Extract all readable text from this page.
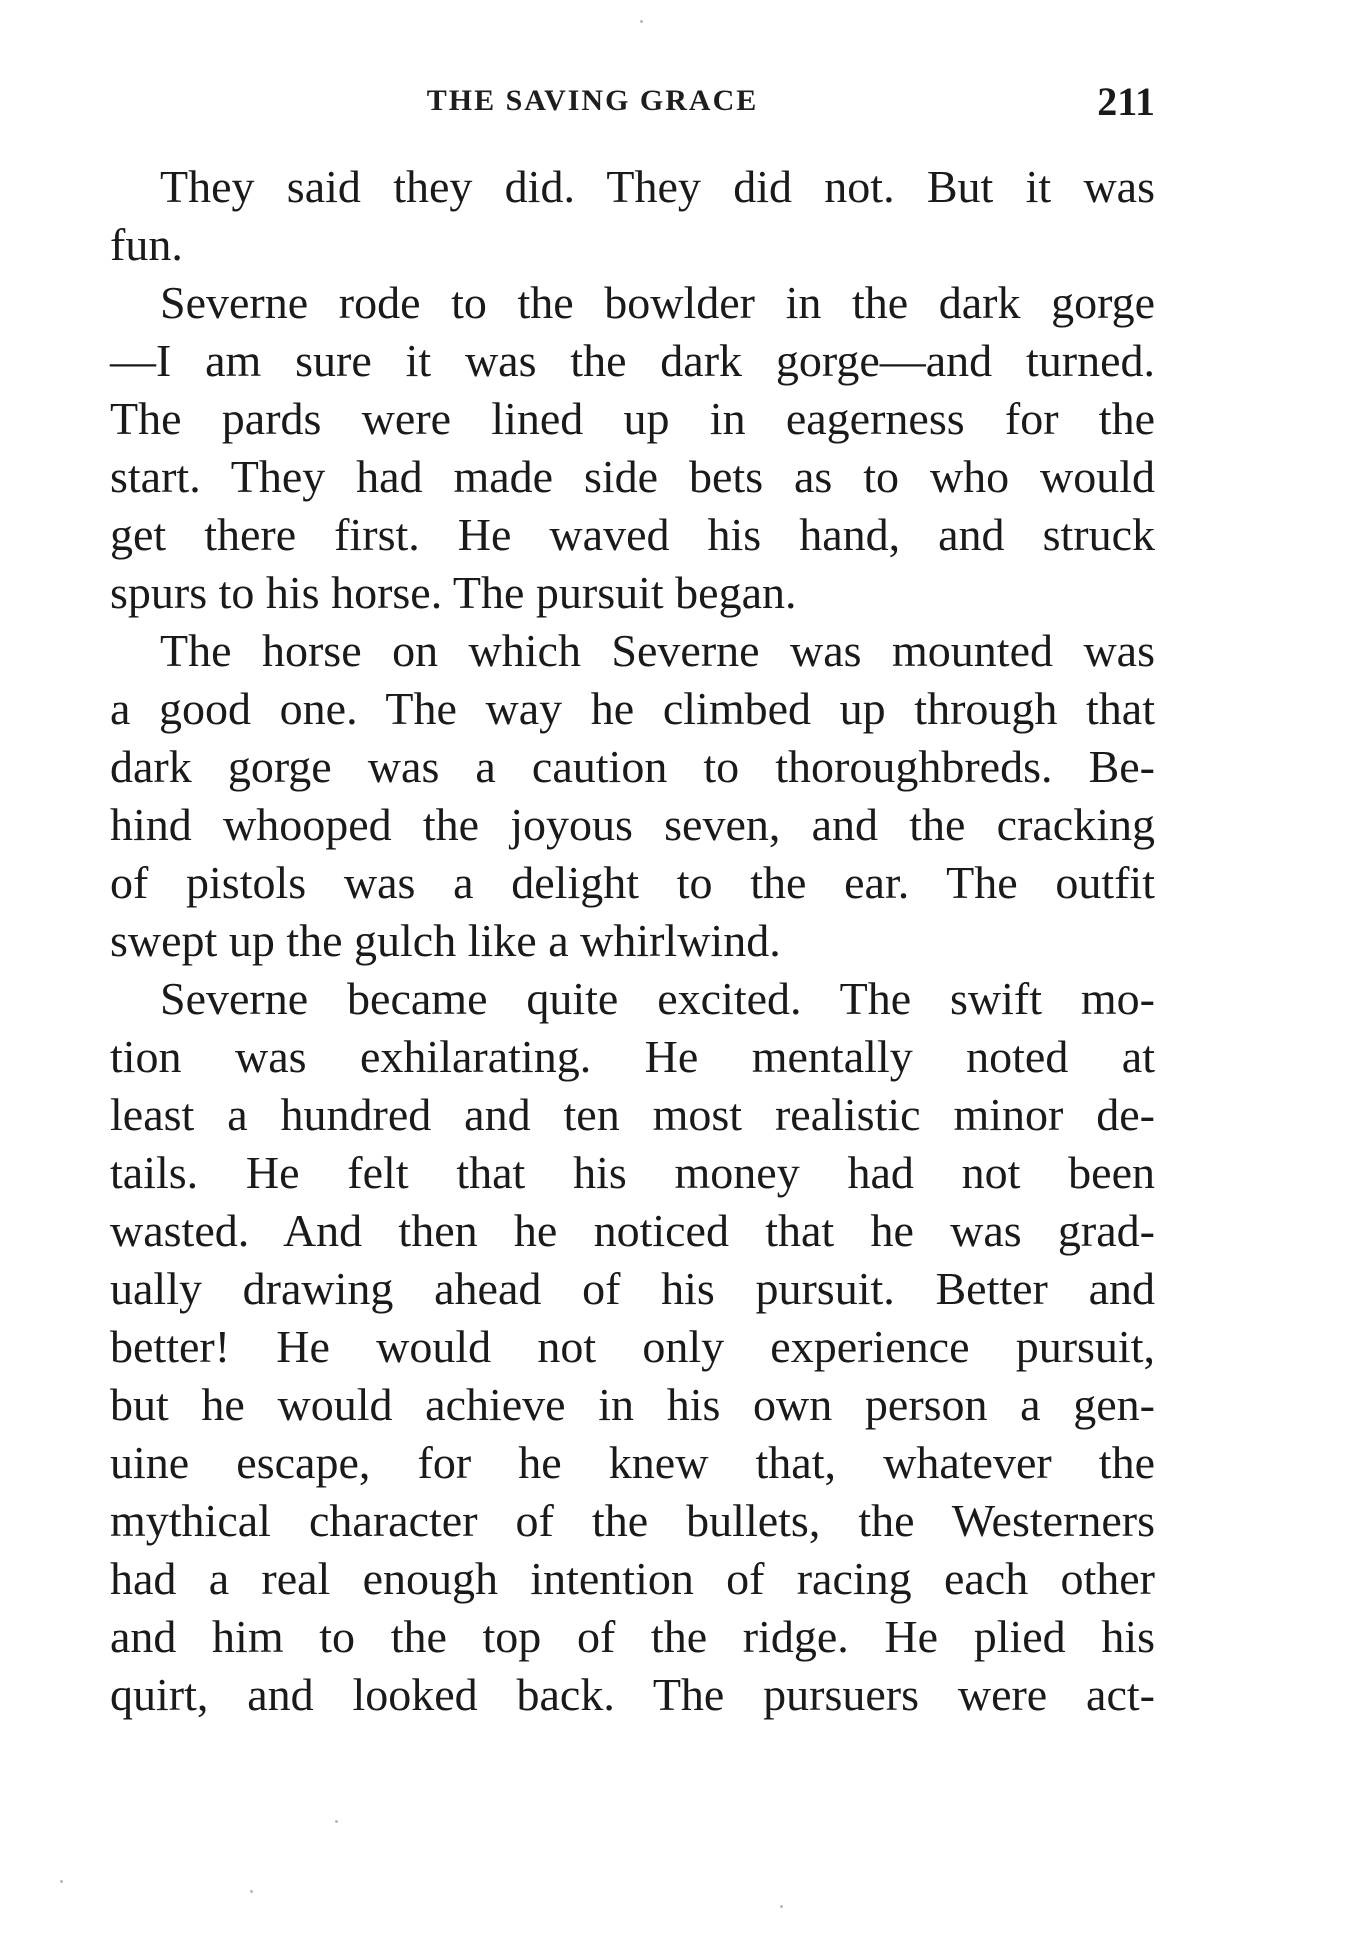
THE SAVING GRACE	211
They said they did. They did not. But it was
fun.
Severne rode to the bowlder in the dark gorge
—I am sure it was the dark gorge—and turned.
The pards were lined up in eagerness for the
start. They had made side bets as to who would
get there first. He waved his hand, and struck
spurs to his horse. The pursuit began.
The horse on which Severne was mounted was
a good one. The way he climbed up through that
dark gorge was a caution to thoroughbreds. Be-
hind whooped the joyous seven, and the cracking
of pistols was a delight to the ear. The outfit
swept up the gulch like a whirlwind.
Severne became quite excited. The swift mo-
tion was exhilarating. He mentally noted at
least a hundred and ten most realistic minor de-
tails. He felt that his money had not been
wasted. And then he noticed that he was grad-
ually drawing ahead of his pursuit. Better and
better! He would not only experience pursuit,
but he would achieve in his own person a gen-
uine escape, for he knew that, whatever the
mythical character of the bullets, the Westerners
had a real enough intention of racing each other
and him to the top of the ridge. He plied his
quirt, and looked back. The pursuers were act-
